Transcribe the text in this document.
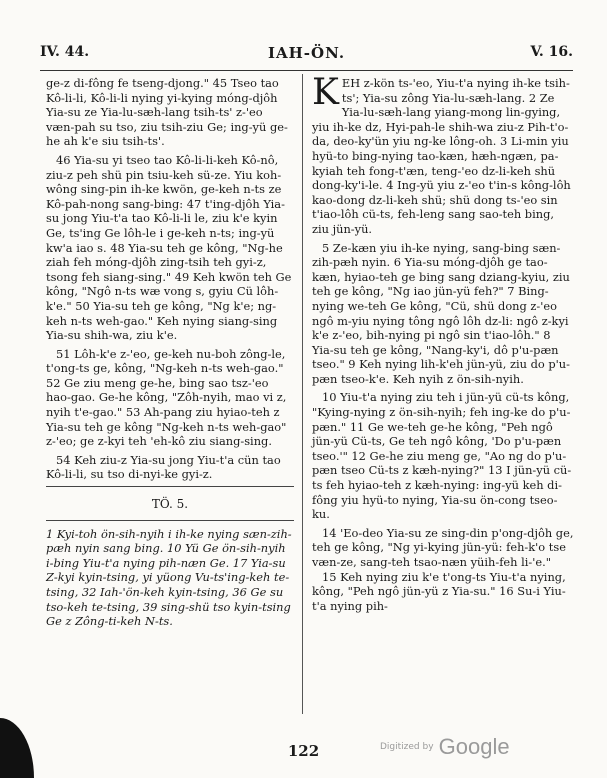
IV. 44.	IAH-ÖN.	V. 16.

ge-z di-fông fe tseng-djong." 45 Tseo tao Kô-li-li, Kô-li-li nying yi-kying móng-djôh Yia-su ze Yia-lu-sæh-lang tsih-ts' z-'eo væn-pah su tso, ziu tsih-ziu Ge; ing-yü ge-he ah k'e siu tsih-ts'.

46 Yia-su yi tseo tao Kô-li-li-keh Kô-nô, ziu-z peh shü pin tsiu-keh sü-ze. Yiu koh-wông sing-pin ih-ke kwön, ge-keh n-ts ze Kô-pah-nong sang-bing: 47 t'ing-djôh Yia-su jong Yiu-t'a tao Kô-li-li le, ziu k'e kyin Ge, ts'ing Ge lôh-le i ge-keh n-ts; ing-yü kw'a iao s. 48 Yia-su teh ge kông, "Ng-he ziah feh móng-djôh zing-tsih teh gyi-z, tsong feh siang-sing." 49 Keh kwön teh Ge kông, "Ngô n-ts wæ vong s, gyiu Cü lôh-k'e." 50 Yia-su teh ge kông, "Ng k'e; ng-keh n-ts weh-gao." Keh nying siang-sing Yia-su shih-wa, ziu k'e.

51 Lôh-k'e z-'eo, ge-keh nu-boh zông-le, t'ong-ts ge, kông, "Ng-keh n-ts weh-gao." 52 Ge ziu meng ge-he, bing sao tsz-'eo hao-gao. Ge-he kông, "Zôh-nyih, mao vi z, nyih t'e-gao." 53 Ah-pang ziu hyiao-teh z Yia-su teh ge kông "Ng-keh n-ts weh-gao" z-'eo; ge z-kyi teh 'eh-kô ziu siang-sing.

54 Keh ziu-z Yia-su jong Yiu-t'a cün tao Kô-li-li, su tso di-nyi-ke gyi-z.

TÖ. 5.

1 Kyi-toh ön-sih-nyih i ih-ke nying sæn-zih-pæh nyin sang bing. 10 Yü Ge ön-sih-nyih i-bing Yiu-t'a nying pih-næn Ge. 17 Yia-su Z-kyi kyin-tsing, yi yüong Vu-ts'ing-keh te-tsing, 32 Iah-'ön-keh kyin-tsing, 36 Ge su tso-keh te-tsing, 39 sing-shü tso kyin-tsing Ge z Zông-ti-keh N-ts.

KEH z-kön ts-'eo, Yiu-t'a nying ih-ke tsih-ts'; Yia-su zông Yia-lu-sæh-lang. 2 Ze Yia-lu-sæh-lang yiang-mong lin-gying, yiu ih-ke dz, Hyi-pah-le shih-wa ziu-z Pih-t'o-da, deo-ky'ün yiu ng-ke lông-oh. 3 Li-min yiu hyü-to bing-nying tao-kæn, hæh-ngæn, pa-kyiah teh fong-t'æn, teng-'eo dz-li-keh shü dong-ky'i-le. 4 Ing-yü yiu z-'eo t'in-s kông-lôh kao-dong dz-li-keh shü; shü dong ts-'eo sin t'iao-lôh cü-ts, feh-leng sang sao-teh bing, ziu jün-yü.

5 Ze-kæn yiu ih-ke nying, sang-bing sæn-zih-pæh nyin. 6 Yia-su móng-djôh ge tao-kæn, hyiao-teh ge bing sang dziang-kyiu, ziu teh ge kông, "Ng iao jün-yü feh?" 7 Bing-nying we-teh Ge kông, "Cü, shü dong z-'eo ngô m-yiu nying tông ngô lôh dz-li: ngô z-kyi k'e z-'eo, bih-nying pi ngô sin t'iao-lôh." 8 Yia-su teh ge kông, "Nang-ky'i, dô p'u-pæn tseo." 9 Keh nying lih-k'eh jün-yü, ziu do p'u-pæn tseo-k'e. Keh nyih z ön-sih-nyih.

10 Yiu-t'a nying ziu teh i jün-yü cü-ts kông, "Kying-nying z ön-sih-nyih; feh ing-ke do p'u-pæn." 11 Ge we-teh ge-he kông, "Peh ngô jün-yü Cü-ts, Ge teh ngô kông, 'Do p'u-pæn tseo.'" 12 Ge-he ziu meng ge, "Ao ng do p'u-pæn tseo Cü-ts z kæh-nying?" 13 I jün-yü cü-ts feh hyiao-teh z kæh-nying: ing-yü keh di-fông yiu hyü-to nying, Yia-su ön-cong tseo-ku.

14 'Eo-deo Yia-su ze sing-din p'ong-djôh ge, teh ge kông, "Ng yi-kying jün-yü: feh-k'o tse væn-ze, sang-teh tsao-næn yüih-feh li-'e."

15 Keh nying ziu k'e t'ong-ts Yiu-t'a nying, kông, "Peh ngô jün-yü z Yia-su." 16 Su-i Yiu-t'a nying pih-

122	Digitized by Google
